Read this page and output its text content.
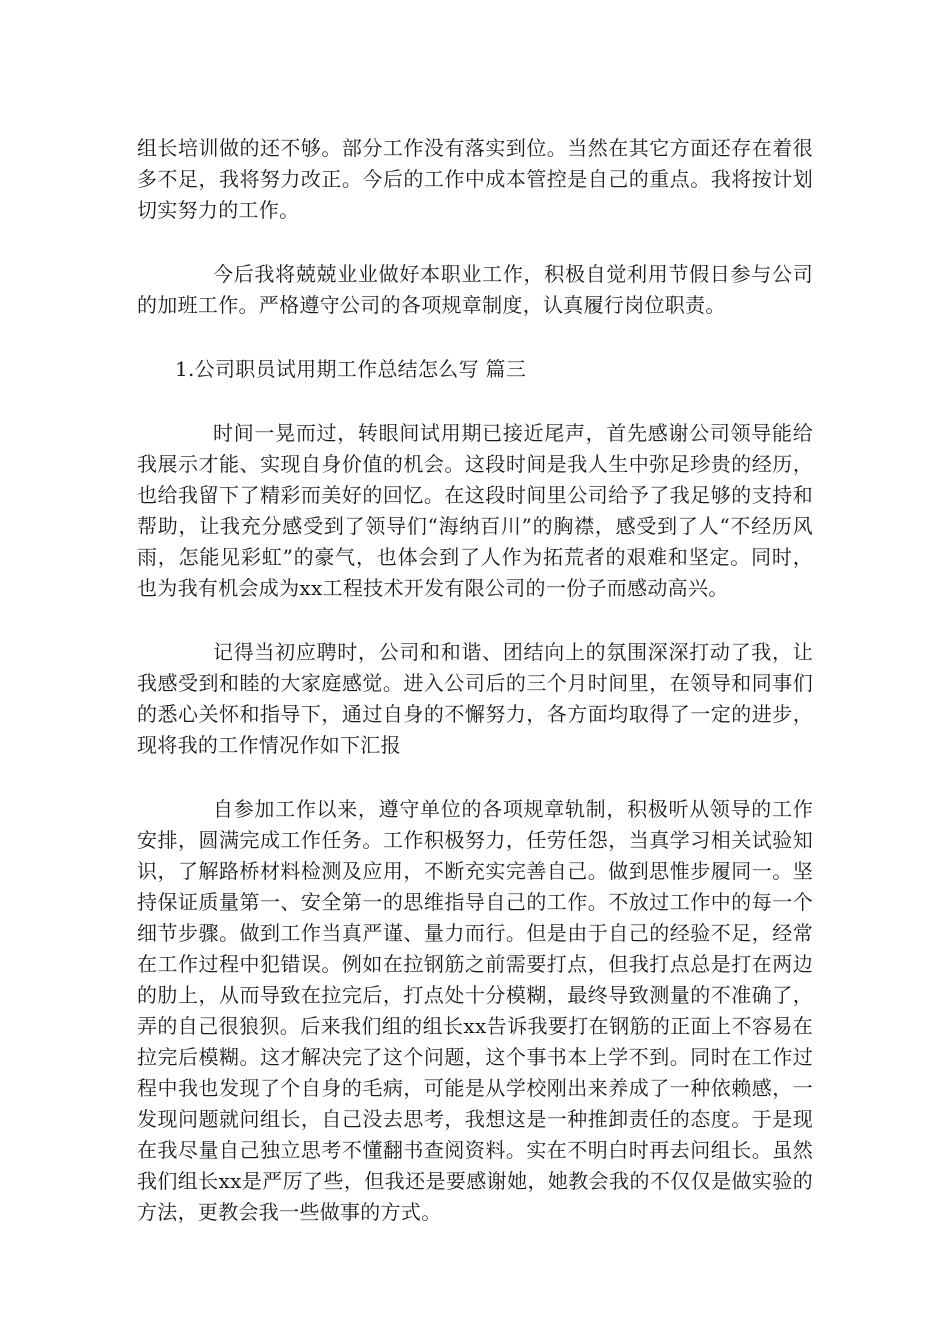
组长培训做的还不够。部分工作没有落实到位。当然在其它方面还存在着很多不足，我将努力改正。今后的工作中成本管控是自己的重点。我将按计划切实努力的工作。

今后我将兢兢业业做好本职业工作，积极自觉利用节假日参与公司的加班工作。严格遵守公司的各项规章制度，认真履行岗位职责。

1.公司职员试用期工作总结怎么写 篇三

时间一晃而过，转眼间试用期已接近尾声，首先感谢公司领导能给我展示才能、实现自身价值的机会。这段时间是我人生中弥足珍贵的经历，也给我留下了精彩而美好的回忆。在这段时间里公司给予了我足够的支持和帮助，让我充分感受到了领导们“海纳百川”的胸襟，感受到了人“不经历风雨，怎能见彩虹”的豪气，也体会到了人作为拓荒者的艰难和坚定。同时，也为我有机会成为xx工程技术开发有限公司的一份子而感动高兴。

记得当初应聘时，公司和和谐、团结向上的氛围深深打动了我，让我感受到和睦的大家庭感觉。进入公司后的三个月时间里，在领导和同事们的悉心关怀和指导下，通过自身的不懈努力，各方面均取得了一定的进步，现将我的工作情况作如下汇报

自参加工作以来，遵守单位的各项规章轨制，积极听从领导的工作安排，圆满完成工作任务。工作积极努力，任劳任怨，当真学习相关试验知识，了解路桥材料检测及应用，不断充实完善自己。做到思惟步履同一。坚持保证质量第一、安全第一的思维指导自己的工作。不放过工作中的每一个细节步骤。做到工作当真严谨、量力而行。但是由于自己的经验不足，经常在工作过程中犯错误。例如在拉钢筋之前需要打点，但我打点总是打在两边的肋上，从而导致在拉完后，打点处十分模糊，最终导致测量的不准确了，弄的自己很狼狈。后来我们组的组长xx告诉我要打在钢筋的正面上不容易在拉完后模糊。这才解决完了这个问题，这个事书本上学不到。同时在工作过程中我也发现了个自身的毛病，可能是从学校刚出来养成了一种依赖感，一发现问题就问组长，自己没去思考，我想这是一种推卸责任的态度。于是现在我尽量自己独立思考不懂翻书查阅资料。实在不明白时再去问组长。虽然我们组长xx是严厉了些，但我还是要感谢她，她教会我的不仅仅是做实验的方法，更教会我一些做事的方式。
